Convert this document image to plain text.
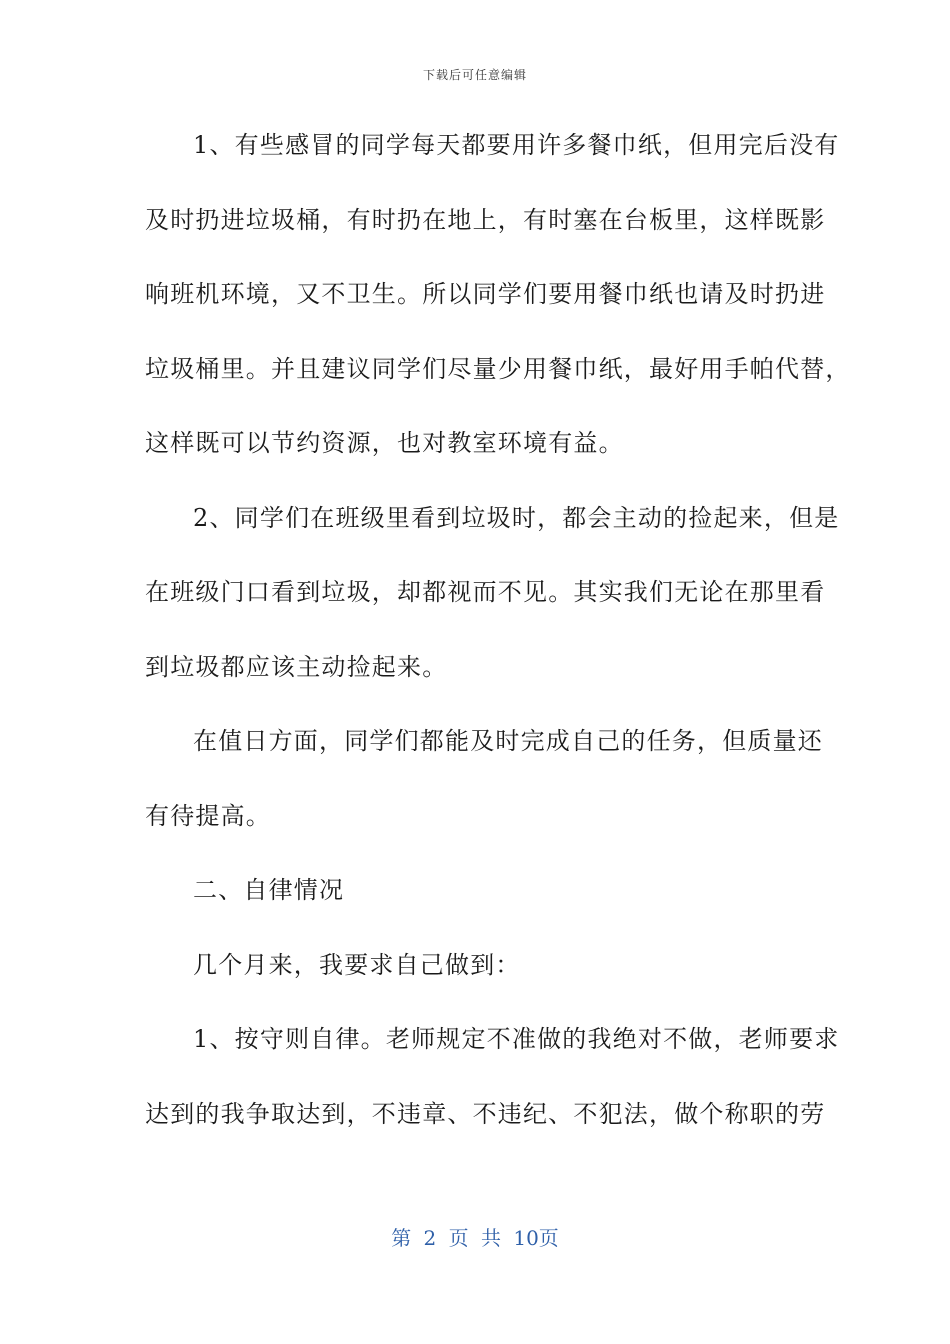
下载后可任意编辑
1、有些感冒的同学每天都要用许多餐巾纸，但用完后没有
及时扔进垃圾桶，有时扔在地上，有时塞在台板里，这样既影
响班机环境，又不卫生。所以同学们要用餐巾纸也请及时扔进
垃圾桶里。并且建议同学们尽量少用餐巾纸，最好用手帕代替，
这样既可以节约资源，也对教室环境有益。
2、同学们在班级里看到垃圾时，都会主动的捡起来，但是
在班级门口看到垃圾，却都视而不见。其实我们无论在那里看
到垃圾都应该主动捡起来。
在值日方面，同学们都能及时完成自己的任务，但质量还
有待提高。
二、自律情况
几个月来，我要求自己做到：
1、按守则自律。老师规定不准做的我绝对不做，老师要求
达到的我争取达到，不违章、不违纪、不犯法，做个称职的劳
第 2 页 共 10页
